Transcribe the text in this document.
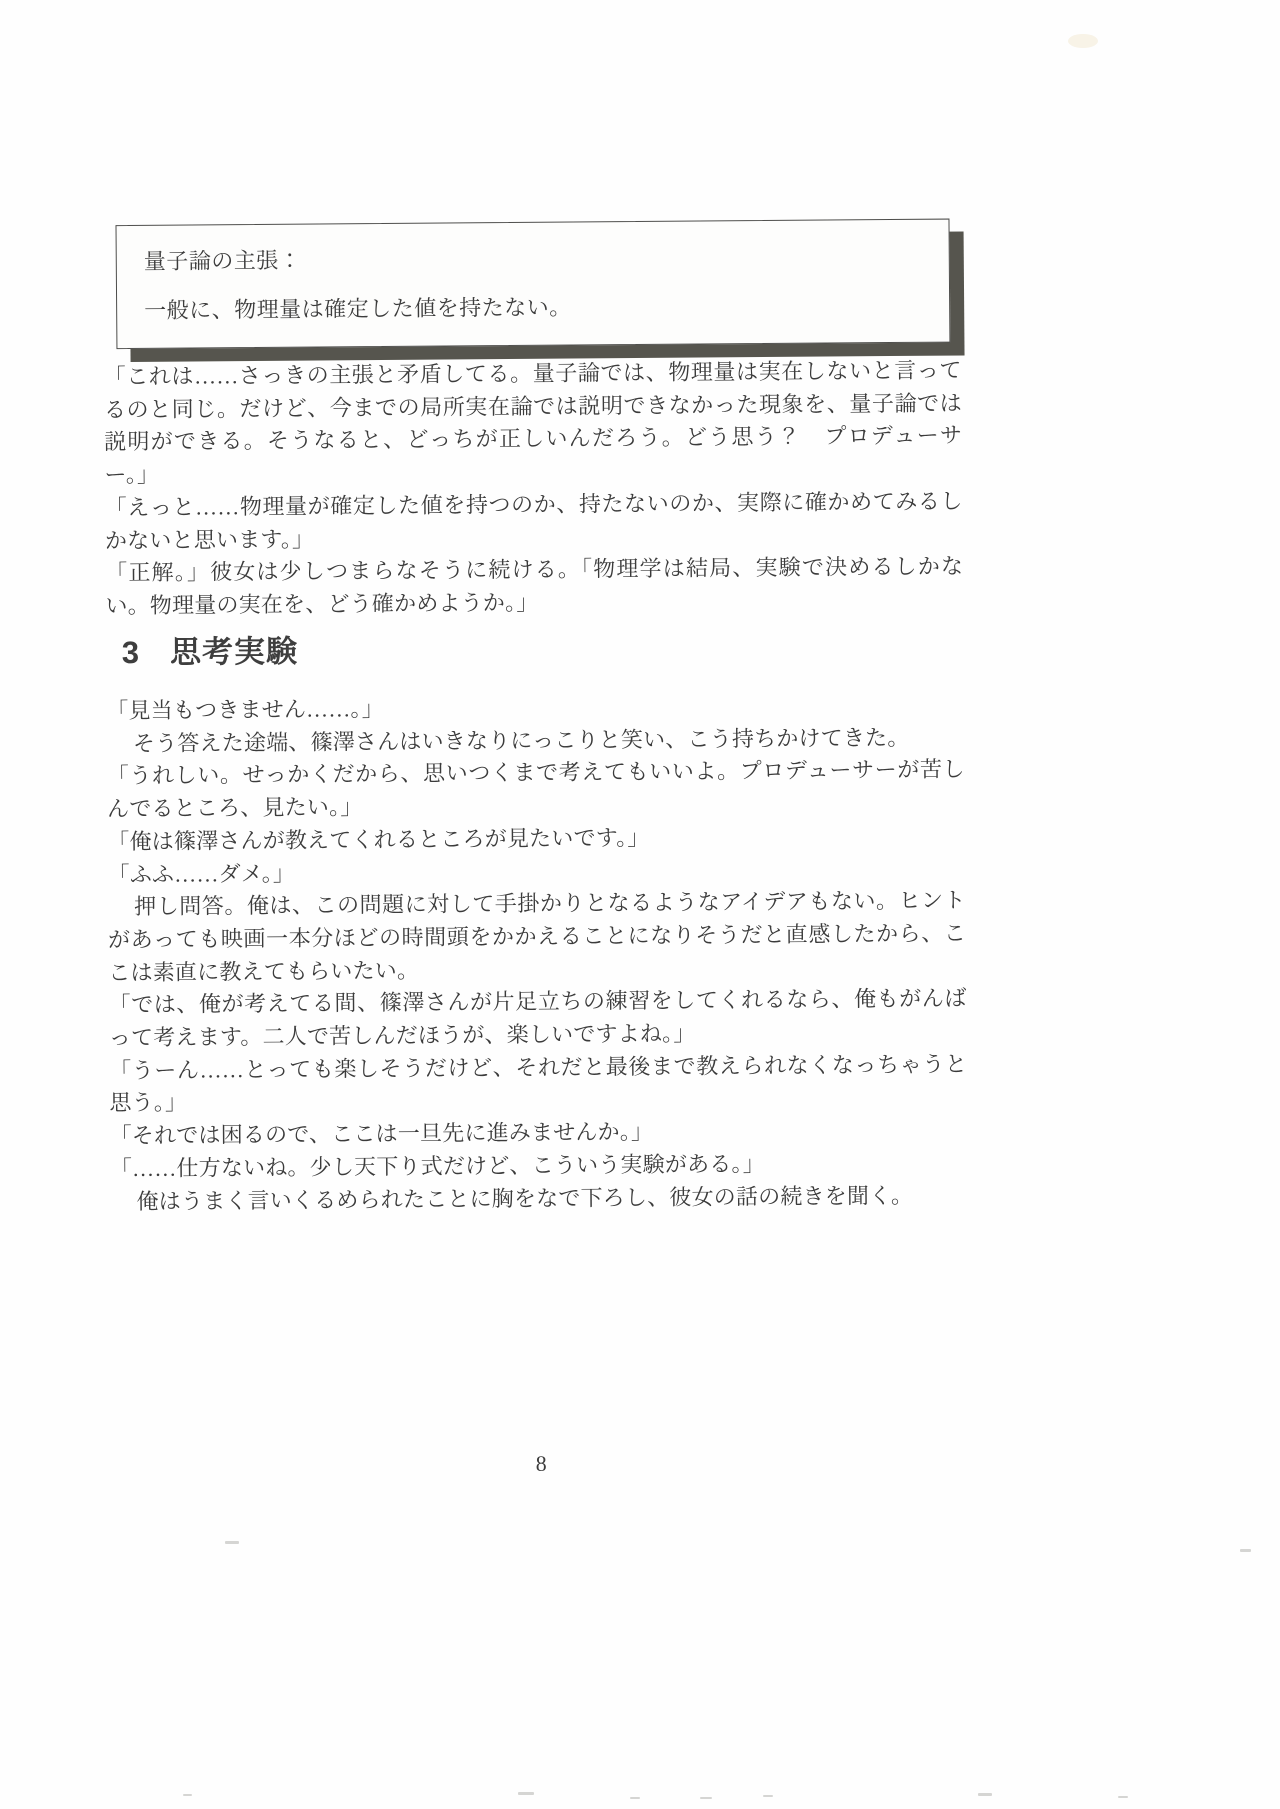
量子論の主張：

一般に、物理量は確定した値を持たない。

「これは……さっきの主張と矛盾してる。量子論では、物理量は実在しないと言ってるのと同じ。だけど、今までの局所実在論では説明できなかった現象を、量子論では説明ができる。そうなると、どっちが正しいんだろう。どう思う？　プロデューサー。」

「えっと……物理量が確定した値を持つのか、持たないのか、実際に確かめてみるしかないと思います。」

「正解。」彼女は少しつまらなそうに続ける。「物理学は結局、実験で決めるしかない。物理量の実在を、どう確かめようか。」

3 思考実験

「見当もつきません……。」

そう答えた途端、篠澤さんはいきなりにっこりと笑い、こう持ちかけてきた。

「うれしい。せっかくだから、思いつくまで考えてもいいよ。プロデューサーが苦しんでるところ、見たい。」

「俺は篠澤さんが教えてくれるところが見たいです。」

「ふふ……ダメ。」

押し問答。俺は、この問題に対して手掛かりとなるようなアイデアもない。ヒントがあっても映画一本分ほどの時間頭をかかえることになりそうだと直感したから、ここは素直に教えてもらいたい。

「では、俺が考えてる間、篠澤さんが片足立ちの練習をしてくれるなら、俺もがんばって考えます。二人で苦しんだほうが、楽しいですよね。」

「うーん……とっても楽しそうだけど、それだと最後まで教えられなくなっちゃうと思う。」

「それでは困るので、ここは一旦先に進みませんか。」

「……仕方ないね。少し天下り式だけど、こういう実験がある。」

俺はうまく言いくるめられたことに胸をなで下ろし、彼女の話の続きを聞く。

8
